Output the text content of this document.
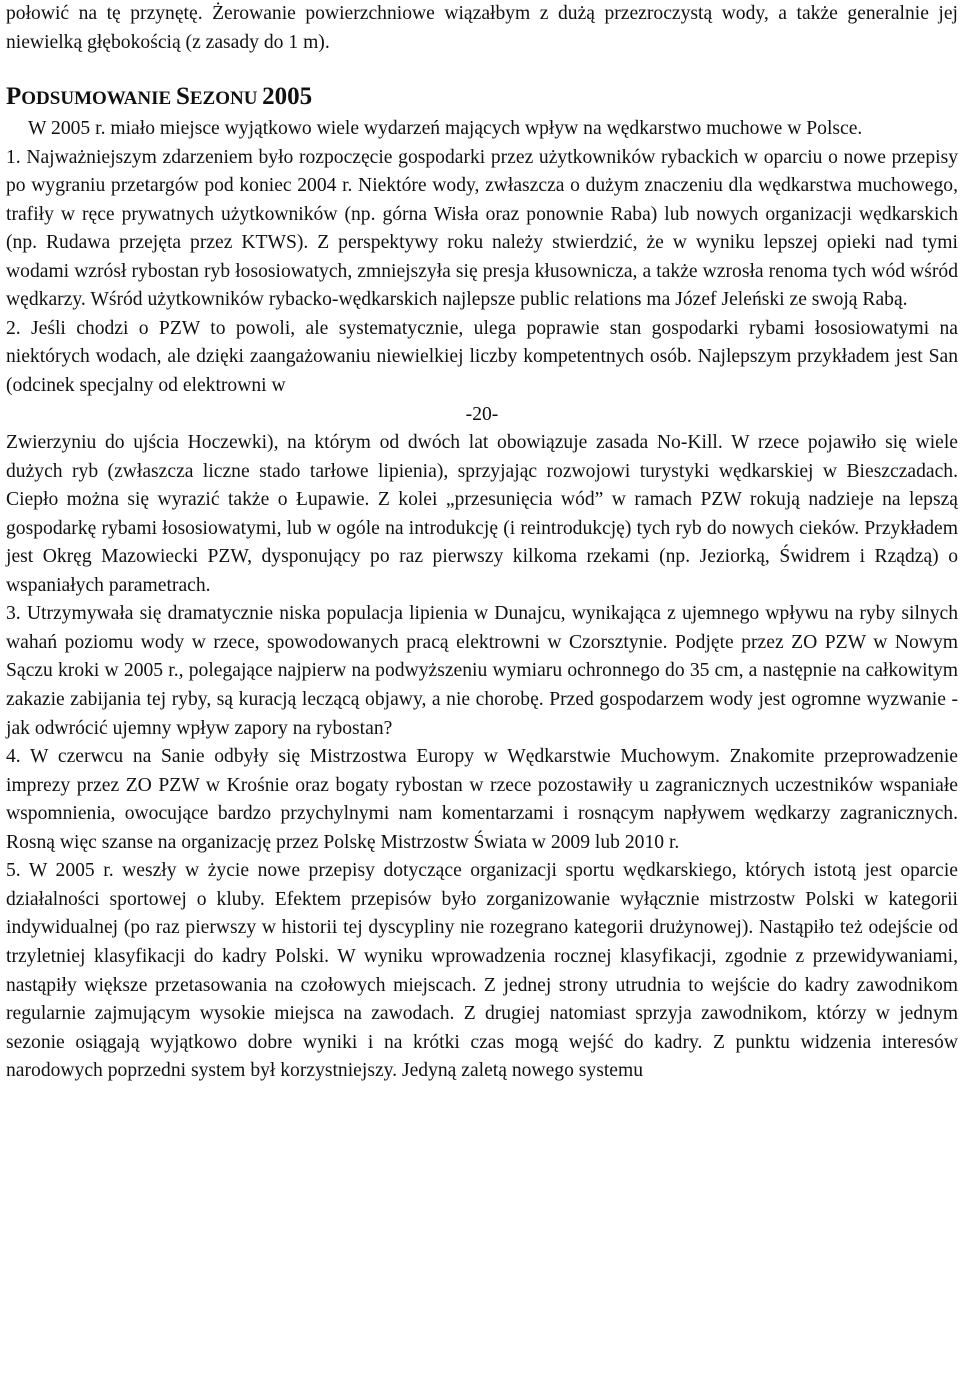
połowić na tę przynętę. Żerowanie powierzchniowe wiązałbym z dużą przezroczystą wody, a także generalnie jej niewielką głębokością (z zasady do 1 m).

PODSUMOWANIE SEZONU 2005

W 2005 r. miało miejsce wyjątkowo wiele wydarzeń mających wpływ na wędkarstwo muchowe w Polsce.

1. Najważniejszym zdarzeniem było rozpoczęcie gospodarki przez użytkowników rybackich w oparciu o nowe przepisy po wygraniu przetargów pod koniec 2004 r. Niektóre wody, zwłaszcza o dużym znaczeniu dla wędkarstwa muchowego, trafiły w ręce prywatnych użytkowników (np. górna Wisła oraz ponownie Raba) lub nowych organizacji wędkarskich (np. Rudawa przejęta przez KTWS). Z perspektywy roku należy stwierdzić, że w wyniku lepszej opieki nad tymi wodami wzrósł rybostan ryb łososiowatych, zmniejszyła się presja kłusownicza, a także wzrosła renoma tych wód wśród wędkarzy. Wśród użytkowników rybacko-wędkarskich najlepsze public relations ma Józef Jeleński ze swoją Rabą.

2. Jeśli chodzi o PZW to powoli, ale systematycznie, ulega poprawie stan gospodarki rybami łososiowatymi na niektórych wodach, ale dzięki zaangażowaniu niewielkiej liczby kompetentnych osób. Najlepszym przykładem jest San (odcinek specjalny od elektrowni w

-20-

Zwierzyniu do ujścia Hoczewki), na którym od dwóch lat obowiązuje zasada No-Kill. W rzece pojawiło się wiele dużych ryb (zwłaszcza liczne stado tarłowe lipienia), sprzyjając rozwojowi turystyki wędkarskiej w Bieszczadach. Ciepło można się wyrazić także o Łupawie. Z kolei „przesunięcia wód” w ramach PZW rokują nadzieje na lepszą gospodarkę rybami łososiowatymi, lub w ogóle na introdukcję (i reintrodukcję) tych ryb do nowych cieków. Przykładem jest Okręg Mazowiecki PZW, dysponujący po raz pierwszy kilkoma rzekami (np. Jeziorką, Świdrem i Rządzą) o wspaniałych parametrach.

3. Utrzymywała się dramatycznie niska populacja lipienia w Dunajcu, wynikająca z ujemnego wpływu na ryby silnych wahań poziomu wody w rzece, spowodowanych pracą elektrowni w Czorsztynie. Podjęte przez ZO PZW w Nowym Sączu kroki w 2005 r., polegające najpierw na podwyższeniu wymiaru ochronnego do 35 cm, a następnie na całkowitym zakazie zabijania tej ryby, są kuracją leczącą objawy, a nie chorobę. Przed gospodarzem wody jest ogromne wyzwanie - jak odwrócić ujemny wpływ zapory na rybostan?

4. W czerwcu na Sanie odbyły się Mistrzostwa Europy w Wędkarstwie Muchowym. Znakomite przeprowadzenie imprezy przez ZO PZW w Krośnie oraz bogaty rybostan w rzece pozostawiły u zagranicznych uczestników wspaniałe wspomnienia, owocujące bardzo przychylnymi nam komentarzami i rosnącym napływem wędkarzy zagranicznych. Rosną więc szanse na organizację przez Polskę Mistrzostw Świata w 2009 lub 2010 r.

5. W 2005 r. weszły w życie nowe przepisy dotyczące organizacji sportu wędkarskiego, których istotą jest oparcie działalności sportowej o kluby. Efektem przepisów było zorganizowanie wyłącznie mistrzostw Polski w kategorii indywidualnej (po raz pierwszy w historii tej dyscypliny nie rozegrano kategorii drużynowej). Nastąpiło też odejście od trzyletniej klasyfikacji do kadry Polski. W wyniku wprowadzenia rocznej klasyfikacji, zgodnie z przewidywaniami, nastąpiły większe przetasowania na czołowych miejscach. Z jednej strony utrudnia to wejście do kadry zawodnikom regularnie zajmującym wysokie miejsca na zawodach. Z drugiej natomiast sprzyja zawodnikom, którzy w jednym sezonie osiągają wyjątkowo dobre wyniki i na krótki czas mogą wejść do kadry. Z punktu widzenia interesów narodowych poprzedni system był korzystniejszy. Jedyną zaletą nowego systemu
